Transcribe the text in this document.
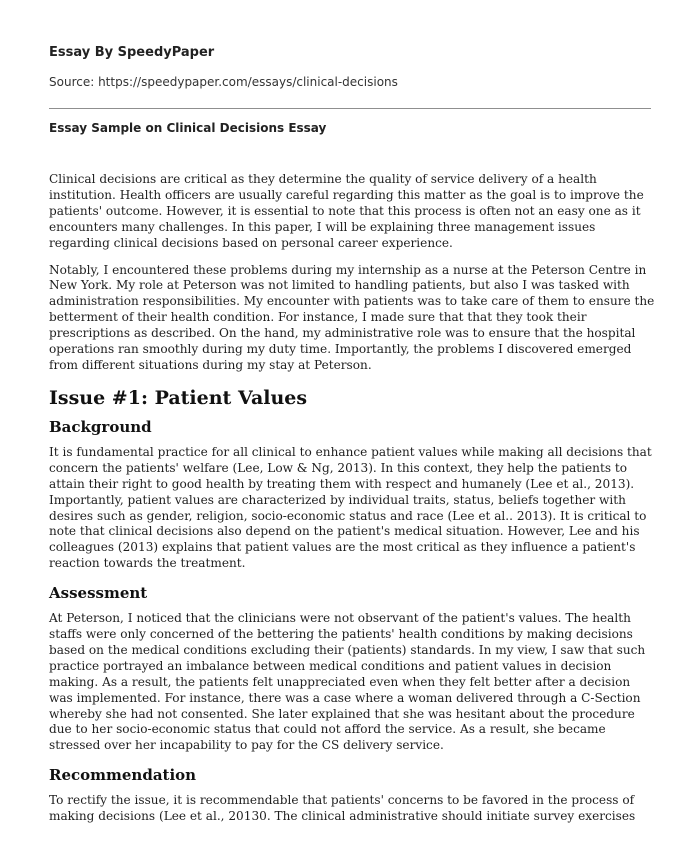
Essay By SpeedyPaper
Source: https://speedypaper.com/essays/clinical-decisions
Essay Sample on Clinical Decisions Essay

Clinical decisions are critical as they determine the quality of service delivery of a health institution. Health officers are usually careful regarding this matter as the goal is to improve the patients' outcome. However, it is essential to note that this process is often not an easy one as it encounters many challenges. In this paper, I will be explaining three management issues regarding clinical decisions based on personal career experience.

Notably, I encountered these problems during my internship as a nurse at the Peterson Centre in New York. My role at Peterson was not limited to handling patients, but also I was tasked with administration responsibilities. My encounter with patients was to take care of them to ensure the betterment of their health condition. For instance, I made sure that that they took their prescriptions as described. On the hand, my administrative role was to ensure that the hospital operations ran smoothly during my duty time. Importantly, the problems I discovered emerged from different situations during my stay at Peterson.

Issue #1: Patient Values
Background

It is fundamental practice for all clinical to enhance patient values while making all decisions that concern the patients' welfare (Lee, Low & Ng, 2013). In this context, they help the patients to attain their right to good health by treating them with respect and humanely (Lee et al., 2013). Importantly, patient values are characterized by individual traits, status, beliefs together with desires such as gender, religion, socio-economic status and race (Lee et al.. 2013). It is critical to note that clinical decisions also depend on the patient's medical situation. However, Lee and his colleagues (2013) explains that patient values are the most critical as they influence a patient's reaction towards the treatment.

Assessment

At Peterson, I noticed that the clinicians were not observant of the patient's values. The health staffs were only concerned of the bettering the patients' health conditions by making decisions based on the medical conditions excluding their (patients) standards. In my view, I saw that such practice portrayed an imbalance between medical conditions and patient values in decision making. As a result, the patients felt unappreciated even when they felt better after a decision was implemented. For instance, there was a case where a woman delivered through a C-Section whereby she had not consented. She later explained that she was hesitant about the procedure due to her socio-economic status that could not afford the service. As a result, she became stressed over her incapability to pay for the CS delivery service.

Recommendation

To rectify the issue, it is recommendable that patients' concerns to be favored in the process of making decisions (Lee et al., 20130. The clinical administrative should initiate survey exercises
